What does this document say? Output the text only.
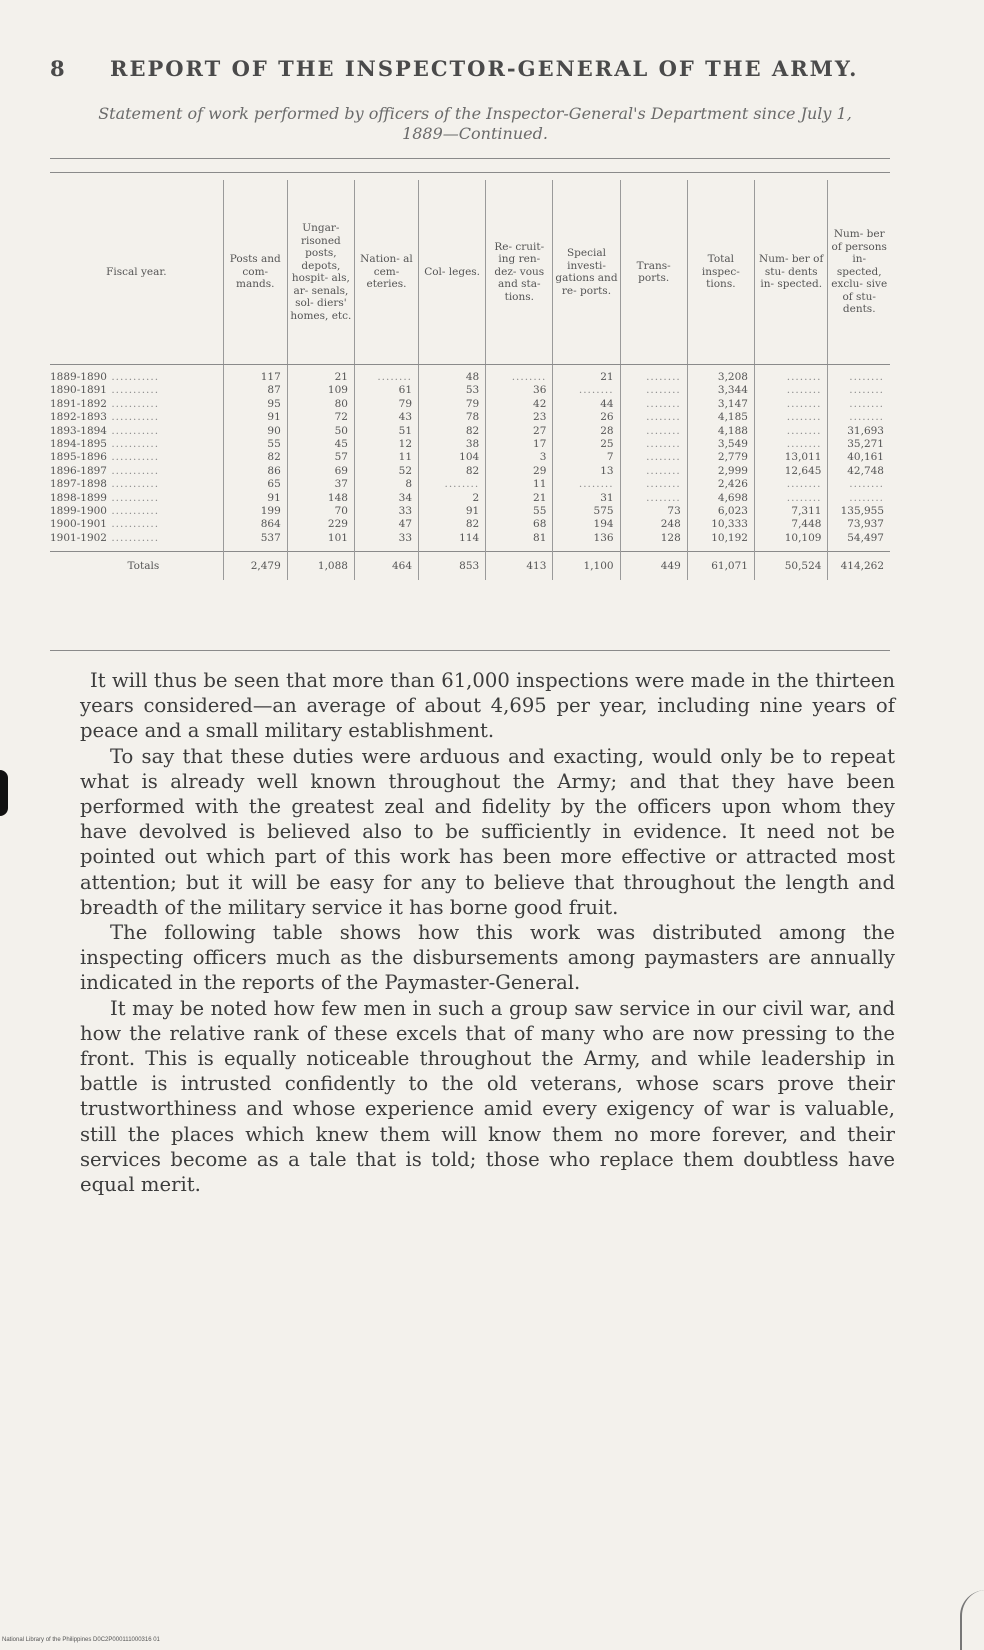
8 REPORT OF THE INSPECTOR-GENERAL OF THE ARMY.
Statement of work performed by officers of the Inspector-General's Department since July 1,
1889—Continued.
Fiscal year.	Posts and com- mands.	Ungar- risoned posts, depots, hospit- als, ar- senals, sol- diers' homes, etc.	Nation- al cem- eteries.	Col- leges.	Re- cruit- ing ren- dez- vous and sta- tions.	Special investi- gations and re- ports.	Trans- ports.	Total inspec- tions.	Num- ber of stu- dents in- spected.	Num- ber of persons in- spected, exclu- sive of stu- dents.
1889-1890 ...........	117	21	........	48	........	21	........	3,208	........	........
1890-1891 ...........	87	109	61	53	36	........	........	3,344	........	........
1891-1892 ...........	95	80	79	79	42	44	........	3,147	........	........
1892-1893 ...........	91	72	43	78	23	26	........	4,185	........	........
1893-1894 ...........	90	50	51	82	27	28	........	4,188	........	31,693
1894-1895 ...........	55	45	12	38	17	25	........	3,549	........	35,271
1895-1896 ...........	82	57	11	104	3	7	........	2,779	13,011	40,161
1896-1897 ...........	86	69	52	82	29	13	........	2,999	12,645	42,748
1897-1898 ...........	65	37	8	........	11	........	........	2,426	........	........
1898-1899 ...........	91	148	34	2	21	31	........	4,698	........	........
1899-1900 ...........	199	70	33	91	55	575	73	6,023	7,311	135,955
1900-1901 ...........	864	229	47	82	68	194	248	10,333	7,448	73,937
1901-1902 ...........	537	101	33	114	81	136	128	10,192	10,109	54,497
Totals	2,479	1,088	464	853	413	1,100	449	61,071	50,524	414,262

It will thus be seen that more than 61,000 inspections were made in the thirteen years considered—an average of about 4,695 per year, including nine years of peace and a small military establishment.

To say that these duties were arduous and exacting, would only be to repeat what is already well known throughout the Army; and that they have been performed with the greatest zeal and fidelity by the officers upon whom they have devolved is believed also to be sufficiently in evidence. It need not be pointed out which part of this work has been more effective or attracted most attention; but it will be easy for any to believe that throughout the length and breadth of the military service it has borne good fruit.

The following table shows how this work was distributed among the inspecting officers much as the disbursements among paymasters are annually indicated in the reports of the Paymaster-General.

It may be noted how few men in such a group saw service in our civil war, and how the relative rank of these excels that of many who are now pressing to the front. This is equally noticeable throughout the Army, and while leadership in battle is intrusted confidently to the old veterans, whose scars prove their trustworthiness and whose experience amid every exigency of war is valuable, still the places which knew them will know them no more forever, and their services become as a tale that is told; those who replace them doubtless have equal merit.

National Library of the Philippines D0C2P000111000316 01
